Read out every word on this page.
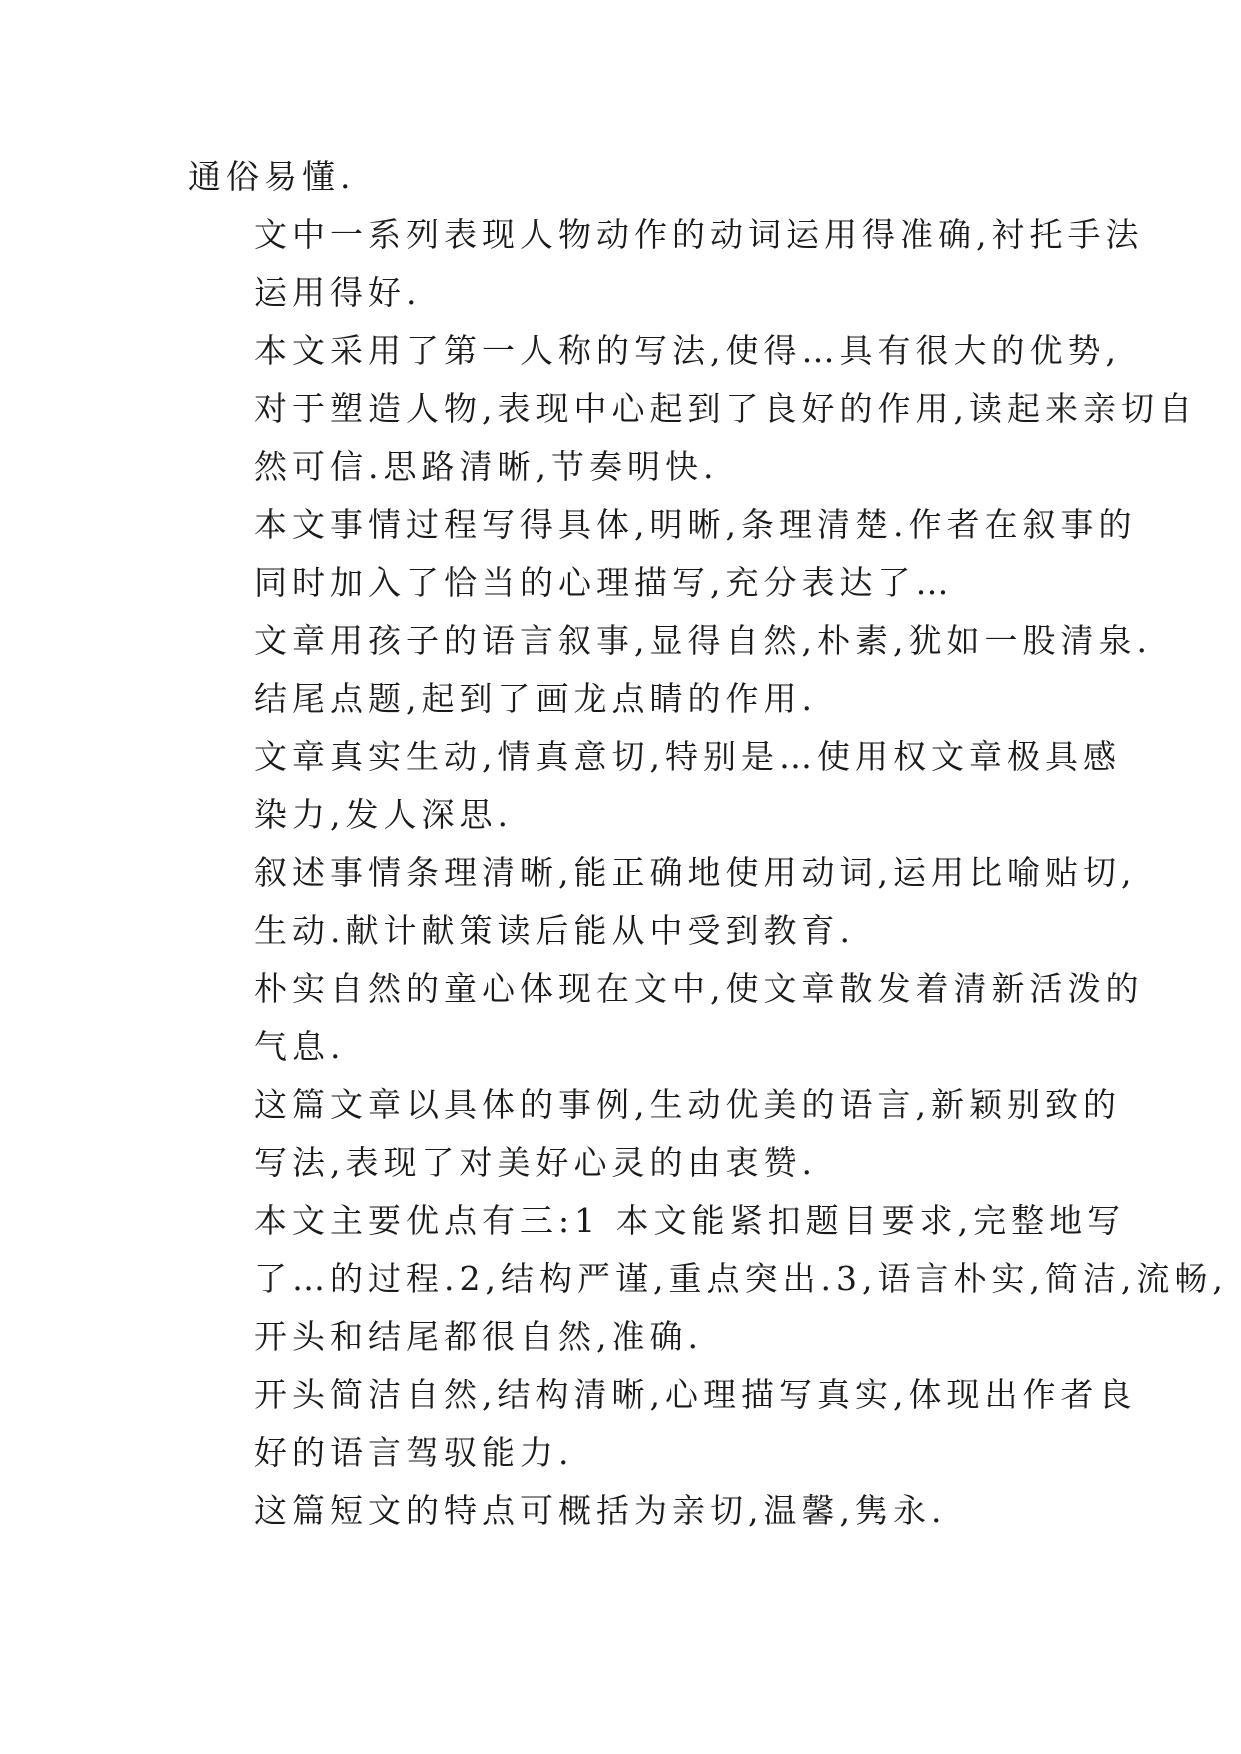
通俗易懂.

文中一系列表现人物动作的动词运用得准确,衬托手法
运用得好.

本文采用了第一人称的写法,使得…具有很大的优势,
对于塑造人物,表现中心起到了良好的作用,读起来亲切自
然可信.思路清晰,节奏明快.

本文事情过程写得具体,明晰,条理清楚.作者在叙事的
同时加入了恰当的心理描写,充分表达了…

文章用孩子的语言叙事,显得自然,朴素,犹如一股清泉.
结尾点题,起到了画龙点睛的作用.

文章真实生动,情真意切,特别是…使用权文章极具感
染力,发人深思.

叙述事情条理清晰,能正确地使用动词,运用比喻贴切,
生动.献计献策读后能从中受到教育.

朴实自然的童心体现在文中,使文章散发着清新活泼的
气息.

这篇文章以具体的事例,生动优美的语言,新颖别致的
写法,表现了对美好心灵的由衷赞.

本文主要优点有三:1 本文能紧扣题目要求,完整地写
了…的过程.2,结构严谨,重点突出.3,语言朴实,简洁,流畅,
开头和结尾都很自然,准确.

开头简洁自然,结构清晰,心理描写真实,体现出作者良
好的语言驾驭能力.

这篇短文的特点可概括为亲切,温馨,隽永.
